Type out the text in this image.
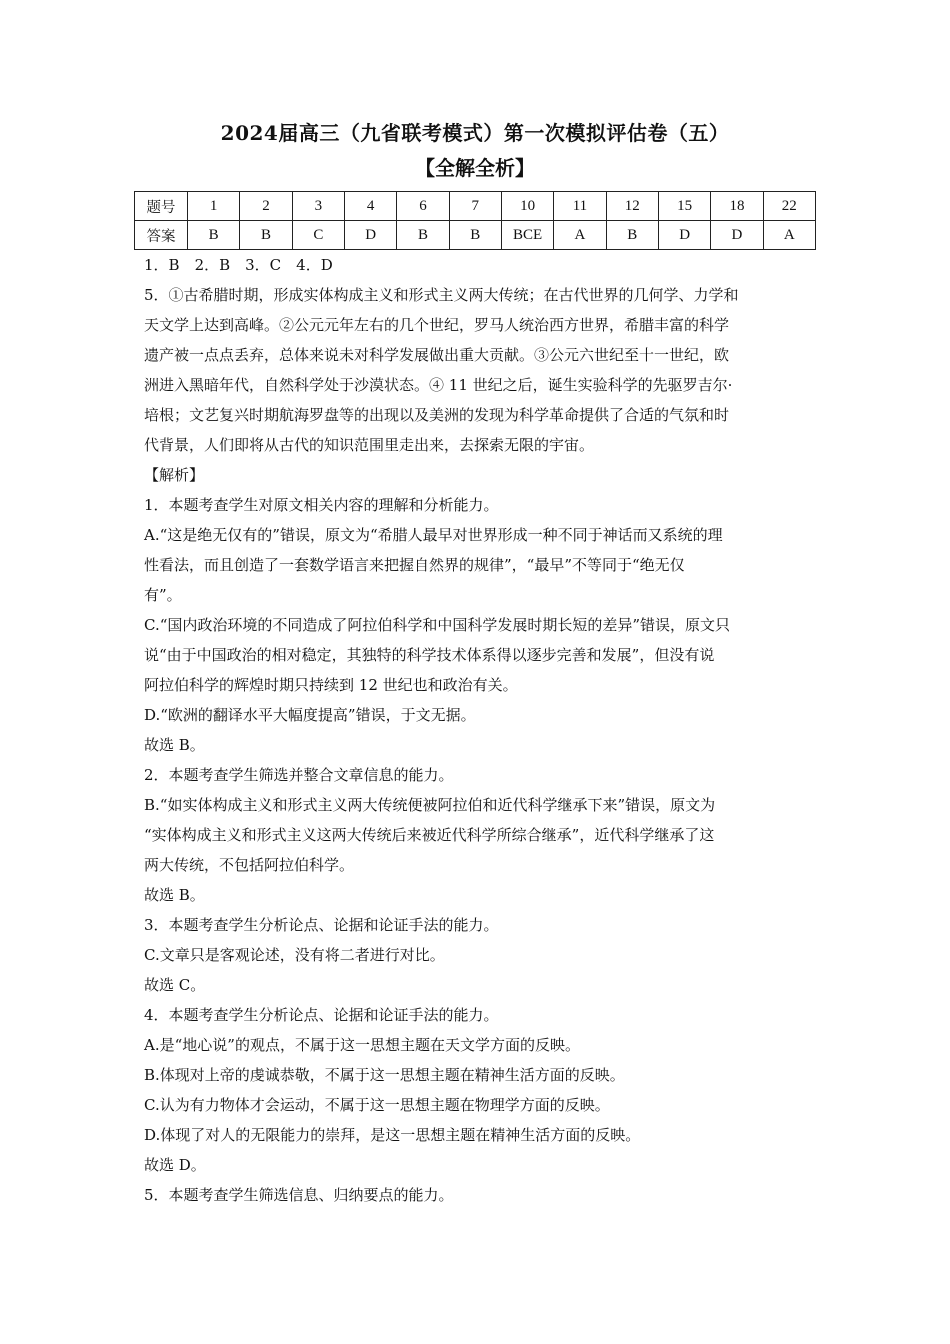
2024届高三（九省联考模式）第一次模拟评估卷（五）
【全解全析】
题号	1	2	3	4	6	7	10	11	12	15	18	22
答案	B	B	C	D	B	B	BCE	A	B	D	D	A
1．B　2．B　3．C　4．D
5．①古希腊时期，形成实体构成主义和形式主义两大传统；在古代世界的几何学、力学和
天文学上达到高峰。②公元元年左右的几个世纪，罗马人统治西方世界，希腊丰富的科学
遗产被一点点丢弃，总体来说未对科学发展做出重大贡献。③公元六世纪至十一世纪，欧
洲进入黑暗年代，自然科学处于沙漠状态。④ 11 世纪之后，诞生实验科学的先驱罗吉尔·
培根；文艺复兴时期航海罗盘等的出现以及美洲的发现为科学革命提供了合适的气氛和时
代背景，人们即将从古代的知识范围里走出来，去探索无限的宇宙。
【解析】
1．本题考查学生对原文相关内容的理解和分析能力。
A.“这是绝无仅有的”错误，原文为“希腊人最早对世界形成一种不同于神话而又系统的理
性看法，而且创造了一套数学语言来把握自然界的规律”，“最早”不等同于“绝无仅
有”。
C.“国内政治环境的不同造成了阿拉伯科学和中国科学发展时期长短的差异”错误，原文只
说“由于中国政治的相对稳定，其独特的科学技术体系得以逐步完善和发展”，但没有说
阿拉伯科学的辉煌时期只持续到 12 世纪也和政治有关。
D.“欧洲的翻译水平大幅度提高”错误，于文无据。
故选 B。
2．本题考查学生筛选并整合文章信息的能力。
B.“如实体构成主义和形式主义两大传统便被阿拉伯和近代科学继承下来”错误，原文为
“实体构成主义和形式主义这两大传统后来被近代科学所综合继承”，近代科学继承了这
两大传统，不包括阿拉伯科学。
故选 B。
3．本题考查学生分析论点、论据和论证手法的能力。
C.文章只是客观论述，没有将二者进行对比。
故选 C。
4．本题考查学生分析论点、论据和论证手法的能力。
A.是“地心说”的观点，不属于这一思想主题在天文学方面的反映。
B.体现对上帝的虔诚恭敬，不属于这一思想主题在精神生活方面的反映。
C.认为有力物体才会运动，不属于这一思想主题在物理学方面的反映。
D.体现了对人的无限能力的崇拜，是这一思想主题在精神生活方面的反映。
故选 D。
5．本题考查学生筛选信息、归纳要点的能力。
